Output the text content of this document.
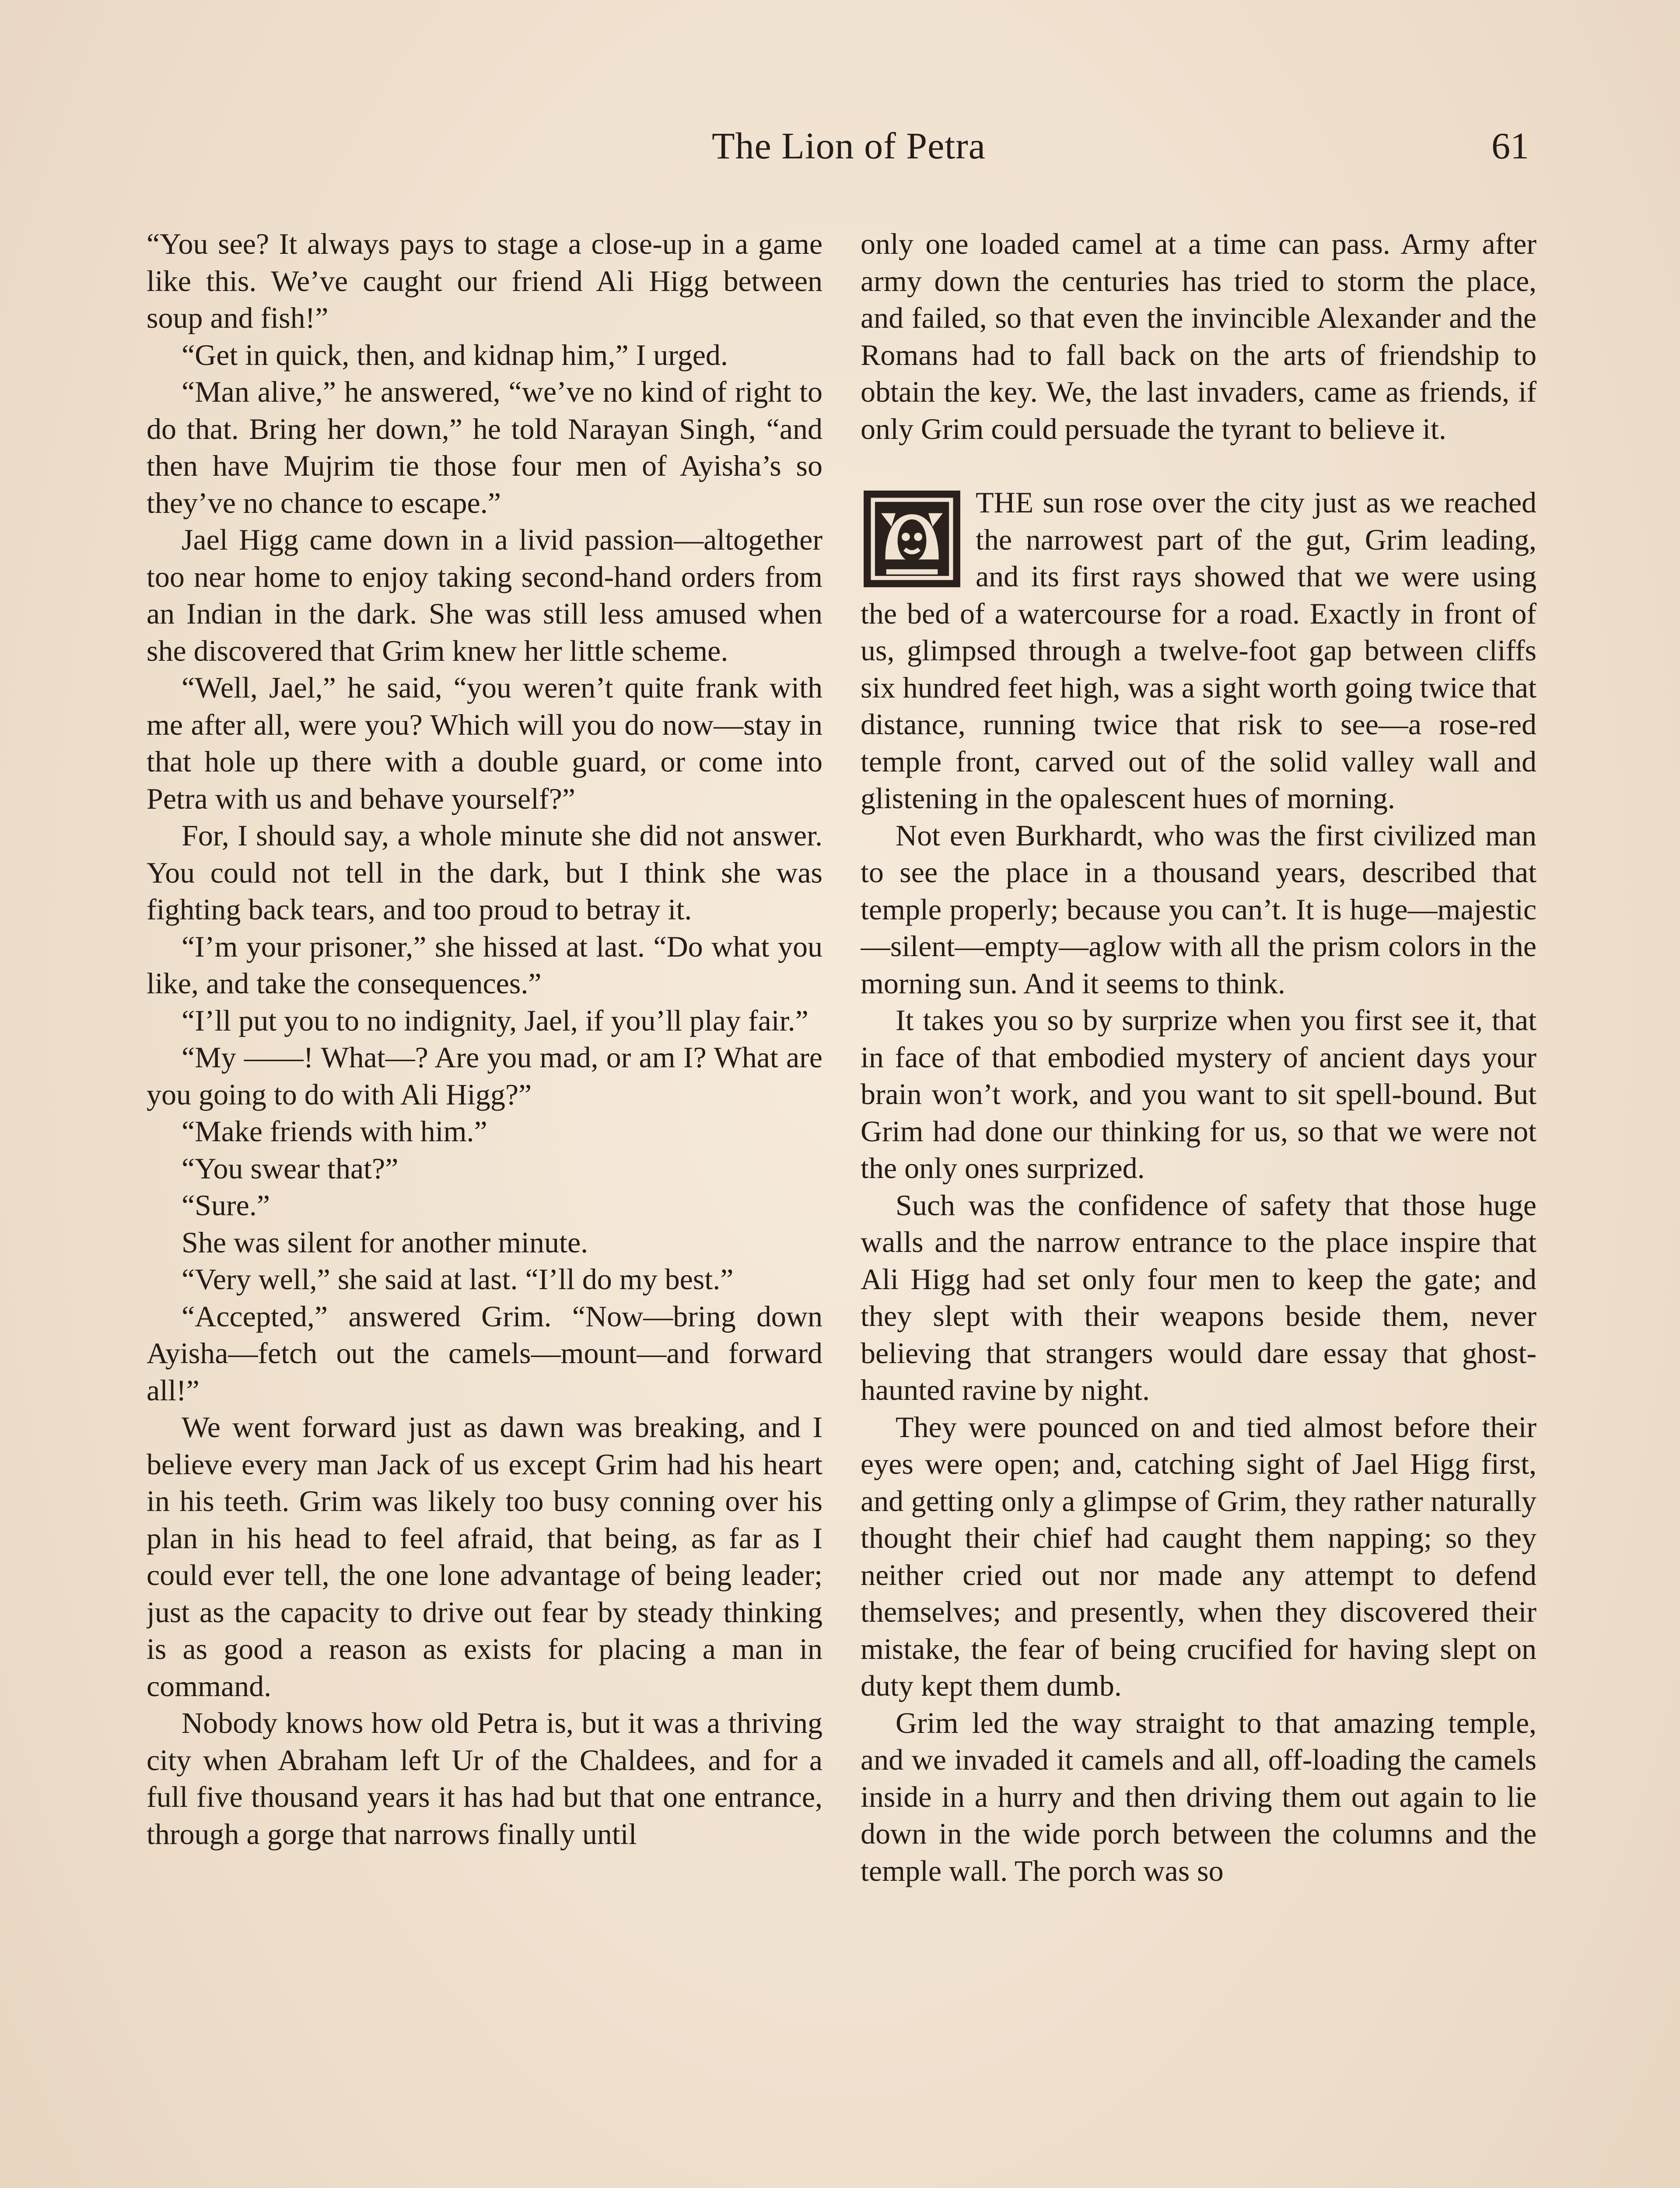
The Lion of Petra	61

“You see? It always pays to stage a close-up in a game like this. We’ve caught our friend Ali Higg between soup and fish!”

“Get in quick, then, and kidnap him,” I urged.

“Man alive,” he answered, “we’ve no kind of right to do that. Bring her down,” he told Narayan Singh, “and then have Mujrim tie those four men of Ayisha’s so they’ve no chance to escape.”

Jael Higg came down in a livid passion—altogether too near home to enjoy taking second-hand orders from an Indian in the dark. She was still less amused when she discovered that Grim knew her little scheme.

“Well, Jael,” he said, “you weren’t quite frank with me after all, were you? Which will you do now—stay in that hole up there with a double guard, or come into Petra with us and behave yourself?”

For, I should say, a whole minute she did not answer. You could not tell in the dark, but I think she was fighting back tears, and too proud to betray it.

“I’m your prisoner,” she hissed at last. “Do what you like, and take the consequences.”

“I’ll put you to no indignity, Jael, if you’ll play fair.”

“My ——! What—? Are you mad, or am I? What are you going to do with Ali Higg?”

“Make friends with him.”

“You swear that?”

“Sure.”

She was silent for another minute.

“Very well,” she said at last. “I’ll do my best.”

“Accepted,” answered Grim. “Now—bring down Ayisha—fetch out the camels—mount—and forward all!”

We went forward just as dawn was breaking, and I believe every man Jack of us except Grim had his heart in his teeth. Grim was likely too busy conning over his plan in his head to feel afraid, that being, as far as I could ever tell, the one lone advantage of being leader; just as the capacity to drive out fear by steady thinking is as good a reason as exists for placing a man in command.

Nobody knows how old Petra is, but it was a thriving city when Abraham left Ur of the Chaldees, and for a full five thousand years it has had but that one entrance, through a gorge that narrows finally until

only one loaded camel at a time can pass. Army after army down the centuries has tried to storm the place, and failed, so that even the invincible Alexander and the Romans had to fall back on the arts of friendship to obtain the key. We, the last invaders, came as friends, if only Grim could persuade the tyrant to believe it.

THE sun rose over the city just as we reached the narrowest part of the gut, Grim leading, and its first rays showed that we were using the bed of a watercourse for a road. Exactly in front of us, glimpsed through a twelve-foot gap between cliffs six hundred feet high, was a sight worth going twice that distance, running twice that risk to see—a rose-red temple front, carved out of the solid valley wall and glistening in the opalescent hues of morning.

Not even Burkhardt, who was the first civilized man to see the place in a thousand years, described that temple properly; because you can’t. It is huge—majestic—silent—empty—aglow with all the prism colors in the morning sun. And it seems to think.

It takes you so by surprize when you first see it, that in face of that embodied mystery of ancient days your brain won’t work, and you want to sit spell-bound. But Grim had done our thinking for us, so that we were not the only ones surprized.

Such was the confidence of safety that those huge walls and the narrow entrance to the place inspire that Ali Higg had set only four men to keep the gate; and they slept with their weapons beside them, never believing that strangers would dare essay that ghost-haunted ravine by night.

They were pounced on and tied almost before their eyes were open; and, catching sight of Jael Higg first, and getting only a glimpse of Grim, they rather naturally thought their chief had caught them napping; so they neither cried out nor made any attempt to defend themselves; and presently, when they discovered their mistake, the fear of being crucified for having slept on duty kept them dumb.

Grim led the way straight to that amazing temple, and we invaded it camels and all, off-loading the camels inside in a hurry and then driving them out again to lie down in the wide porch between the columns and the temple wall. The porch was so
